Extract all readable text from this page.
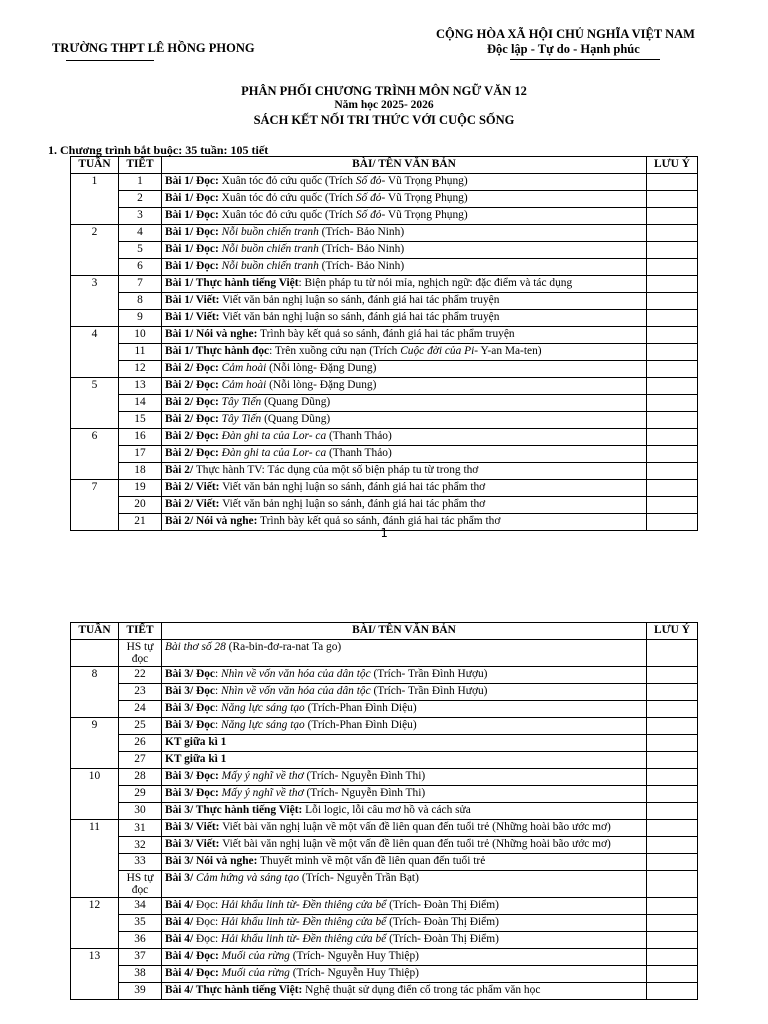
TRƯỜNG THPT LÊ HỒNG PHONG
CỘNG HÒA XÃ HỘI CHỦ NGHĨA VIỆT NAM
Độc lập - Tự do - Hạnh phúc
PHÂN PHỐI CHƯƠNG TRÌNH MÔN NGỮ VĂN 12
Năm học 2025- 2026
SÁCH KẾT NỐI TRI THỨC VỚI CUỘC SỐNG
1. Chương trình bắt buộc: 35 tuần: 105 tiết
TUẦN	TIẾT	BÀI/ TÊN VĂN BẢN	LƯU Ý
1	1	Bài 1/ Đọc: Xuân tóc đỏ cứu quốc (Trích Số đỏ- Vũ Trọng Phụng)	
	2	Bài 1/ Đọc: Xuân tóc đỏ cứu quốc (Trích Số đỏ- Vũ Trọng Phụng)	
	3	Bài 1/ Đọc: Xuân tóc đỏ cứu quốc (Trích Số đỏ- Vũ Trọng Phụng)	
2	4	Bài 1/ Đọc: Nỗi buồn chiến tranh (Trích- Bảo Ninh)	
	5	Bài 1/ Đọc: Nỗi buồn chiến tranh (Trích- Bảo Ninh)	
	6	Bài 1/ Đọc: Nỗi buồn chiến tranh (Trích- Bảo Ninh)	
3	7	Bài 1/ Thực hành tiếng Việt: Biện pháp tu từ nói mỉa, nghịch ngữ: đặc điểm và tác dụng	
	8	Bài 1/ Viết: Viết văn bản nghị luận so sánh, đánh giá hai tác phẩm truyện	
	9	Bài 1/ Viết: Viết văn bản nghị luận so sánh, đánh giá hai tác phẩm truyện	
4	10	Bài 1/ Nói và nghe: Trình bày kết quả so sánh, đánh giá hai tác phẩm truyện	
	11	Bài 1/ Thực hành đọc: Trên xuồng cứu nạn (Trích Cuộc đời của Pi- Y-an Ma-ten)	
	12	Bài 2/ Đọc: Cảm hoài (Nỗi lòng- Đặng Dung)	
5	13	Bài 2/ Đọc: Cảm hoài (Nỗi lòng- Đặng Dung)	
	14	Bài 2/ Đọc: Tây Tiến (Quang Dũng)	
	15	Bài 2/ Đọc: Tây Tiến (Quang Dũng)	
6	16	Bài 2/ Đọc: Đàn ghi ta của Lor- ca (Thanh Thảo)	
	17	Bài 2/ Đọc: Đàn ghi ta của Lor- ca (Thanh Thảo)	
	18	Bài 2/ Thực hành TV: Tác dụng của một số biện pháp tu từ trong thơ	
7	19	Bài 2/ Viết: Viết văn bản nghị luận so sánh, đánh giá hai tác phẩm thơ	
	20	Bài 2/ Viết: Viết văn bản nghị luận so sánh, đánh giá hai tác phẩm thơ	
	21	Bài 2/ Nói và nghe: Trình bày kết quả so sánh, đánh giá hai tác phẩm thơ	
1
TUẦN	TIẾT	BÀI/ TÊN VĂN BẢN	LƯU Ý
	HS tự đọc	Bài thơ số 28 (Ra-bin-đơ-ra-nat Ta go)	
8	22	Bài 3/ Đọc: Nhìn về vốn văn hóa của dân tộc (Trích- Trần Đình Hượu)	
	23	Bài 3/ Đọc: Nhìn về vốn văn hóa của dân tộc (Trích- Trần Đình Hượu)	
	24	Bài 3/ Đọc: Năng lực sáng tạo (Trích-Phan Đình Diệu)	
9	25	Bài 3/ Đọc: Năng lực sáng tạo (Trích-Phan Đình Diệu)	
	26	KT giữa kì 1	
	27	KT giữa kì 1	
10	28	Bài 3/ Đọc: Mấy ý nghĩ về thơ (Trích- Nguyễn Đình Thi)	
	29	Bài 3/ Đọc: Mấy ý nghĩ về thơ (Trích- Nguyễn Đình Thi)	
	30	Bài 3/ Thực hành tiếng Việt: Lỗi logic, lỗi câu mơ hồ và cách sửa	
11	31	Bài 3/ Viết: Viết bài văn nghị luận về một vấn đề liên quan đến tuổi trẻ (Những hoài bão ước mơ)	
	32	Bài 3/ Viết: Viết bài văn nghị luận về một vấn đề liên quan đến tuổi trẻ (Những hoài bão ước mơ)	
	33	Bài 3/ Nói và nghe: Thuyết minh về một vấn đề liên quan đến tuổi trẻ	
	HS tự đọc	Bài 3/ Cảm hứng và sáng tạo (Trích- Nguyễn Trần Bạt)	
12	34	Bài 4/ Đọc: Hải khẩu linh từ- Đền thiêng cửa bể (Trích- Đoàn Thị Điểm)	
	35	Bài 4/ Đọc: Hải khẩu linh từ- Đền thiêng cửa bể (Trích- Đoàn Thị Điểm)	
	36	Bài 4/ Đọc: Hải khẩu linh từ- Đền thiêng cửa bể (Trích- Đoàn Thị Điểm)	
13	37	Bài 4/ Đọc: Muối của rừng (Trích- Nguyễn Huy Thiệp)	
	38	Bài 4/ Đọc: Muối của rừng (Trích- Nguyễn Huy Thiệp)	
	39	Bài 4/ Thực hành tiếng Việt: Nghệ thuật sử dụng điển cố trong tác phẩm văn học	
